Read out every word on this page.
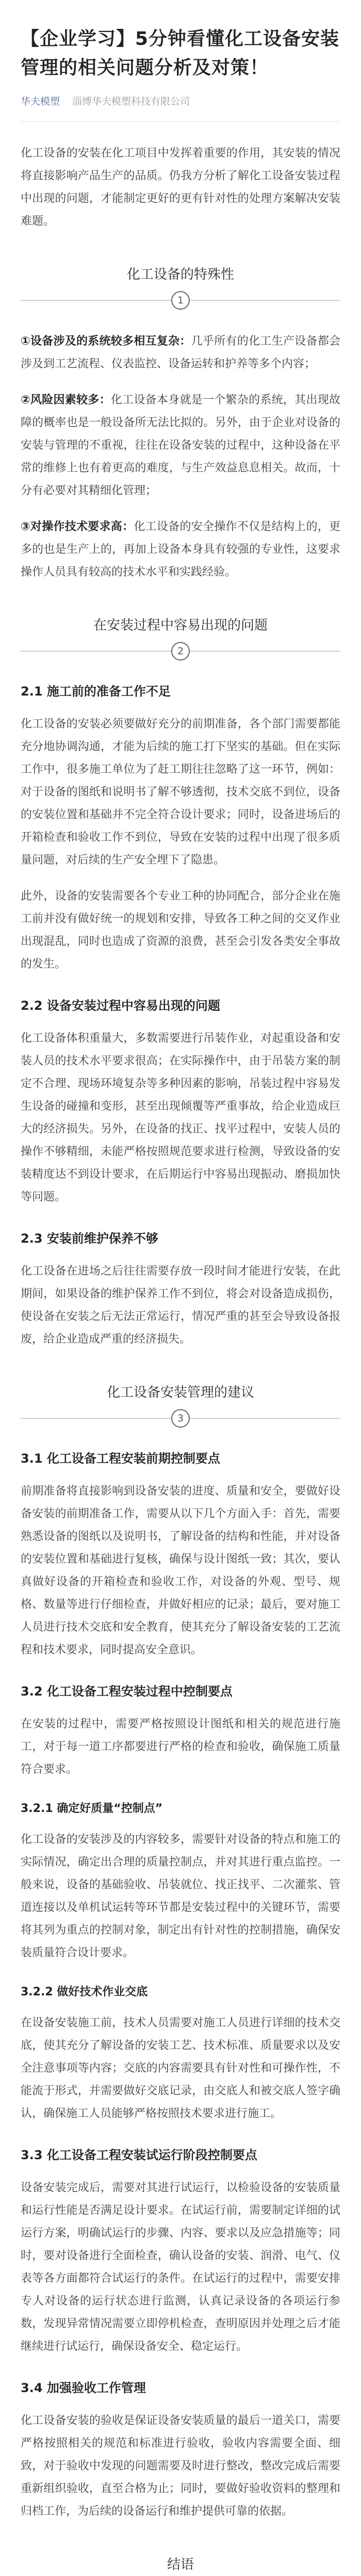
【企业学习】5分钟看懂化工设备安装管理的相关问题分析及对策！
华夫模塑 淄博华夫模塑科技有限公司

化工设备的安装在化工项目中发挥着重要的作用，其安装的情况将直接影响产品生产的品质。仍我方分析了解化工设备安装过程中出现的问题，才能制定更好的更有针对性的处理方案解决安装难题。

化工设备的特殊性
1

①设备涉及的系统较多相互复杂：几乎所有的化工生产设备都会涉及到工艺流程、仪表监控、设备运转和护养等多个内容；

②风险因素较多：化工设备本身就是一个繁杂的系统，其出现故障的概率也是一般设备所无法比拟的。另外，由于企业对设备的安装与管理的不重视，往往在设备安装的过程中，这种设备在平常的维修上也有着更高的难度，与生产效益息息相关。故而，十分有必要对其精细化管理；

③对操作技术要求高：化工设备的安全操作不仅是结构上的，更多的也是生产上的，再加上设备本身具有较强的专业性，这要求操作人员具有较高的技术水平和实践经验。

在安装过程中容易出现的问题
2
2.1 施工前的准备工作不足

化工设备的安装必须要做好充分的前期准备，各个部门需要都能充分地协调沟通，才能为后续的施工打下坚实的基础。但在实际工作中，很多施工单位为了赶工期往往忽略了这一环节，例如：对于设备的图纸和说明书了解不够透彻，技术交底不到位，设备的安装位置和基础并不完全符合设计要求；同时，设备进场后的开箱检查和验收工作不到位，导致在安装的过程中出现了很多质量问题，对后续的生产安全埋下了隐患。

此外，设备的安装需要各个专业工种的协同配合，部分企业在施工前并没有做好统一的规划和安排，导致各工种之间的交叉作业出现混乱，同时也造成了资源的浪费，甚至会引发各类安全事故的发生。

2.2 设备安装过程中容易出现的问题

化工设备体积重量大，多数需要进行吊装作业，对起重设备和安装人员的技术水平要求很高；在实际操作中，由于吊装方案的制定不合理、现场环境复杂等多种因素的影响，吊装过程中容易发生设备的碰撞和变形，甚至出现倾覆等严重事故，给企业造成巨大的经济损失。另外，在设备的找正、找平过程中，安装人员的操作不够精细，未能严格按照规范要求进行检测，导致设备的安装精度达不到设计要求，在后期运行中容易出现振动、磨损加快等问题。

2.3 安装前维护保养不够

化工设备在进场之后往往需要存放一段时间才能进行安装，在此期间，如果设备的维护保养工作不到位，将会对设备造成损伤，使设备在安装之后无法正常运行，情况严重的甚至会导致设备报废，给企业造成严重的经济损失。

化工设备安装管理的建议
3
3.1 化工设备工程安装前期控制要点

前期准备将直接影响到设备安装的进度、质量和安全，要做好设备安装的前期准备工作，需要从以下几个方面入手：首先，需要熟悉设备的图纸以及说明书，了解设备的结构和性能，并对设备的安装位置和基础进行复核，确保与设计图纸一致；其次，要认真做好设备的开箱检查和验收工作，对设备的外观、型号、规格、数量等进行仔细检查，并做好相应的记录；最后，要对施工人员进行技术交底和安全教育，使其充分了解设备安装的工艺流程和技术要求，同时提高安全意识。

3.2 化工设备工程安装过程中控制要点

在安装的过程中，需要严格按照设计图纸和相关的规范进行施工，对于每一道工序都要进行严格的检查和验收，确保施工质量符合要求。

3.2.1 确定好质量“控制点”

化工设备的安装涉及的内容较多，需要针对设备的特点和施工的实际情况，确定出合理的质量控制点，并对其进行重点监控。一般来说，设备的基础验收、吊装就位、找正找平、二次灌浆、管道连接以及单机试运转等环节都是安装过程中的关键环节，需要将其列为重点的控制对象，制定出有针对性的控制措施，确保安装质量符合设计要求。

3.2.2 做好技术作业交底

在设备安装施工前，技术人员需要对施工人员进行详细的技术交底，使其充分了解设备的安装工艺、技术标准、质量要求以及安全注意事项等内容；交底的内容需要具有针对性和可操作性，不能流于形式，并需要做好交底记录，由交底人和被交底人签字确认，确保施工人员能够严格按照技术要求进行施工。

3.3 化工设备工程安装试运行阶段控制要点

设备安装完成后，需要对其进行试运行，以检验设备的安装质量和运行性能是否满足设计要求。在试运行前，需要制定详细的试运行方案，明确试运行的步骤、内容、要求以及应急措施等；同时，要对设备进行全面检查，确认设备的安装、润滑、电气、仪表等各方面都符合试运行的条件。在试运行的过程中，需要安排专人对设备的运行状态进行监测，认真记录设备的各项运行参数，发现异常情况需要立即停机检查，查明原因并处理之后才能继续进行试运行，确保设备安全、稳定运行。

3.4 加强验收工作管理

化工设备安装的验收是保证设备安装质量的最后一道关口，需要严格按照相关的规范和标准进行验收，验收内容需要全面、细致，对于验收中发现的问题需要及时进行整改，整改完成后需要重新组织验收，直至合格为止；同时，要做好验收资料的整理和归档工作，为后续的设备运行和维护提供可靠的依据。

结语
